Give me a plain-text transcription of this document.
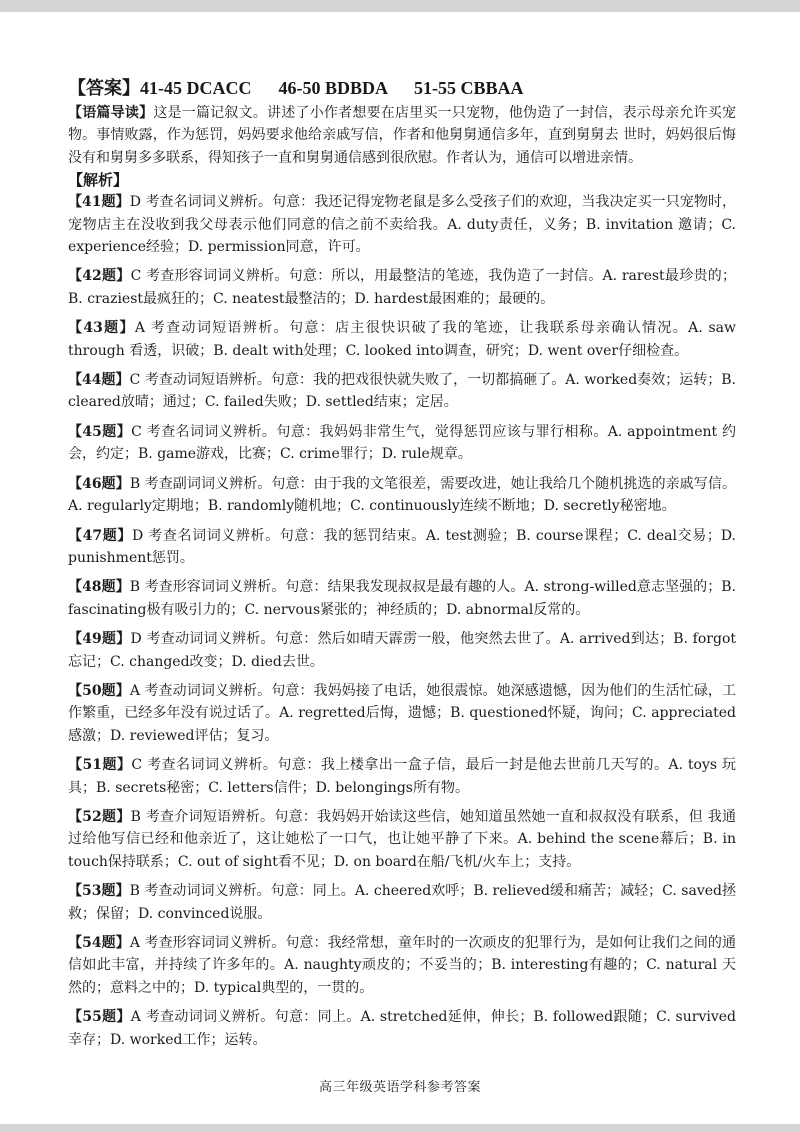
【答案】41-45 DCACC      46-50 BDBDA      51-55 CBBAA

【语篇导读】这是一篇记叙文。讲述了小作者想要在店里买一只宠物，他伪造了一封信，表示母亲允许买宠物。事情败露，作为惩罚，妈妈要求他给亲戚写信，作者和他舅舅通信多年，直到舅舅去 世时，妈妈很后悔没有和舅舅多多联系，得知孩子一直和舅舅通信感到很欣慰。作者认为，通信可以增进亲情。

【解析】

【41题】D 考查名词词义辨析。句意：我还记得宠物老鼠是多么受孩子们的欢迎，当我决定买一只宠物时，宠物店主在没收到我父母表示他们同意的信之前不卖给我。A. duty责任，义务；B. invitation 邀请；C. experience经验；D. permission同意，许可。

【42题】C 考查形容词词义辨析。句意：所以，用最整洁的笔迹，我伪造了一封信。A. rarest最珍贵的；B. craziest最疯狂的；C. neatest最整洁的；D. hardest最困难的；最硬的。

【43题】A 考查动词短语辨析。句意：店主很快识破了我的笔迹，让我联系母亲确认情况。A. saw through 看透，识破；B. dealt with处理；C. looked into调查，研究；D. went over仔细检查。

【44题】C 考查动词短语辨析。句意：我的把戏很快就失败了，一切都搞砸了。A. worked奏效；运转；B. cleared放晴；通过；C. failed失败；D. settled结束；定居。

【45题】C 考查名词词义辨析。句意：我妈妈非常生气，觉得惩罚应该与罪行相称。A. appointment 约会，约定；B. game游戏，比赛；C. crime罪行；D. rule规章。

【46题】B 考查副词词义辨析。句意：由于我的文笔很差，需要改进，她让我给几个随机挑选的亲戚写信。A. regularly定期地；B. randomly随机地；C. continuously连续不断地；D. secretly秘密地。

【47题】D 考查名词词义辨析。句意：我的惩罚结束。A. test测验；B. course课程；C. deal交易；D. punishment惩罚。

【48题】B 考查形容词词义辨析。句意：结果我发现叔叔是最有趣的人。A. strong-willed意志坚强的；B. fascinating极有吸引力的；C. nervous紧张的；神经质的；D. abnormal反常的。

【49题】D 考查动词词义辨析。句意：然后如晴天霹雳一般，他突然去世了。A. arrived到达；B. forgot 忘记；C. changed改变；D. died去世。

【50题】A 考查动词词义辨析。句意：我妈妈接了电话，她很震惊。她深感遗憾，因为他们的生活忙碌，工作繁重，已经多年没有说过话了。A. regretted后悔，遗憾；B. questioned怀疑，询问；C. appreciated 感激；D. reviewed评估；复习。

【51题】C 考查名词词义辨析。句意：我上楼拿出一盒子信，最后一封是他去世前几天写的。A. toys 玩具；B. secrets秘密；C. letters信件；D. belongings所有物。

【52题】B 考查介词短语辨析。句意：我妈妈开始读这些信，她知道虽然她一直和叔叔没有联系，但 我通过给他写信已经和他亲近了，这让她松了一口气，也让她平静了下来。A. behind the scene幕后；B. in touch保持联系；C. out of sight看不见；D. on board在船/飞机/火车上；支持。

【53题】B 考查动词词义辨析。句意：同上。A. cheered欢呼；B. relieved缓和痛苦；减轻；C. saved拯 救；保留；D. convinced说服。

【54题】A 考查形容词词义辨析。句意：我经常想，童年时的一次顽皮的犯罪行为，是如何让我们之间的通信如此丰富，并持续了许多年的。A. naughty顽皮的；不妥当的；B. interesting有趣的；C. natural 天然的；意料之中的；D. typical典型的，一贯的。

【55题】A 考查动词词义辨析。句意：同上。A. stretched延伸，伸长；B. followed跟随；C. survived 幸存；D. worked工作；运转。

高三年级英语学科参考答案
